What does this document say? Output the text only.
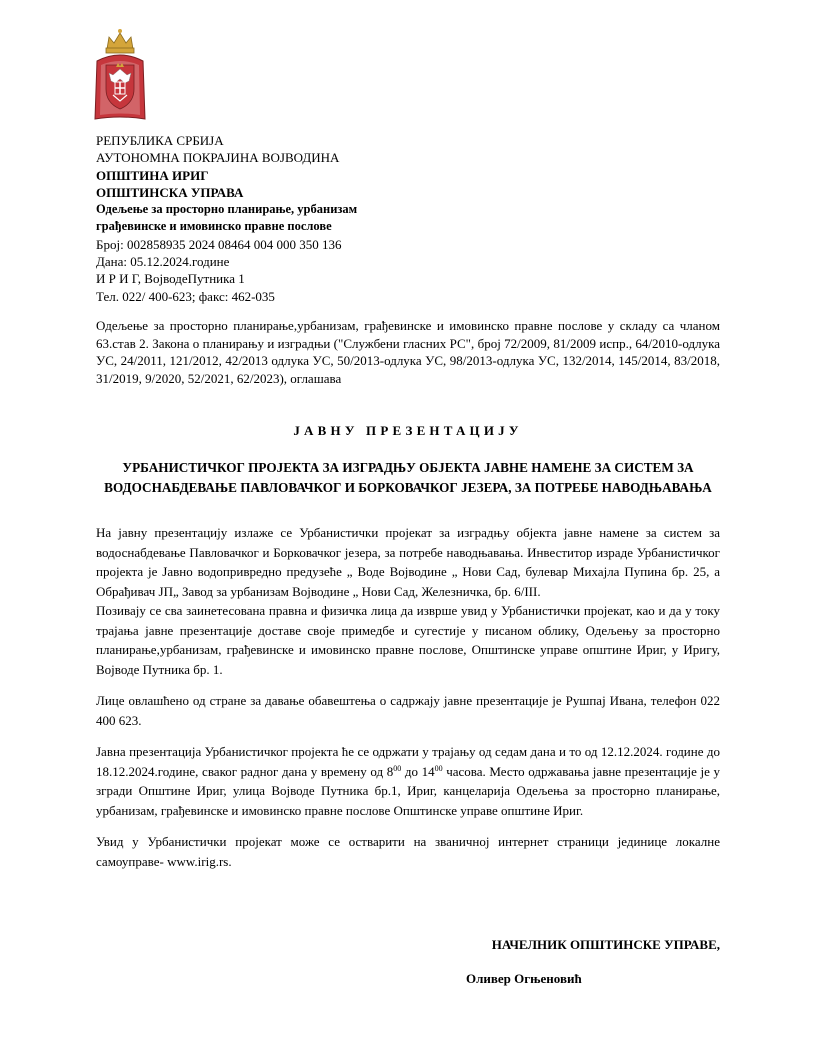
РЕПУБЛИКА СРБИЈА
АУТОНОМНА ПОКРАЈИНА ВОЈВОДИНА
ОПШТИНА ИРИГ
ОПШТИНСКА УПРАВА
Одељење за просторно планирање, урбанизам
грађевинске и имовинско правне послове
Број: 002858935 2024 08464 004 000 350 136
Дана: 05.12.2024.године
И Р И Г, ВојводеПутника 1
Тел. 022/ 400-623; факс: 462-035
Одељење за просторно планирање,урбанизам, грађевинске и имовинско правне послове у складу са чланом 63.став 2. Закона о планирању и изградњи ("Службени гласних РС", број 72/2009, 81/2009 испр., 64/2010-одлука УС, 24/2011, 121/2012, 42/2013 одлука УС, 50/2013-одлука УС, 98/2013-одлука УС, 132/2014, 145/2014, 83/2018, 31/2019, 9/2020, 52/2021, 62/2023), оглашава
ЈАВНУ ПРЕЗЕНТАЦИЈУ
УРБАНИСТИЧКОГ ПРОЈЕКТА ЗА ИЗГРАДЊУ ОБЈЕКТА ЈАВНЕ НАМЕНЕ ЗА СИСТЕМ ЗА ВОДОСНАБДЕВАЊЕ ПАВЛОВАЧКОГ И БОРКОВАЧКОГ ЈЕЗЕРА, ЗА ПОТРЕБЕ НАВОДЊАВАЊА

На јавну презентацију излаже се Урбанистички пројекат за изградњу објекта јавне намене за систем за водоснабдевање Павловачког и Борковачког језера, за потребе наводњавања. Инвеститор израде Урбанистичког пројекта је Јавно водопривредно предузеће „ Воде Војводине „ Нови Сад, булевар Михајла Пупина бр. 25, а Обрађивач ЈП„ Завод за урбанизам Војводине „ Нови Сад, Железничка, бр. 6/III.

Позивају се сва заинетесована правна и физичка лица да изврше увид у Урбанистички пројекат, као и да у току трајања јавне презентације доставе своје примедбе и сугестије у писаном облику, Одељењу за просторно планирање,урбанизам, грађевинске и имовинско правне послове, Општинске управе општине Ириг, у Иригу, Војводе Путника бр. 1.

Лице овлашћено од стране за давање обавештења о садржају јавне презентације је Рушпај Ивана, телефон 022 400 623.

Јавна презентација Урбанистичког пројекта ће се одржати у трајању од седам дана и то од 12.12.2024. године до 18.12.2024.године, сваког радног дана у времену од $8^{00}$ до $14^{00}$ часова. Место одржавања јавне презентације је у згради Општине Ириг, улица Војводе Путника бр.1, Ириг, канцеларија Одељења за просторно планирање, урбанизам, грађевинске и имовинско правне послове Општинске управе општине Ириг.

Увид у Урбанистички пројекат може се остварити на званичној интернет страници јединице локалне самоуправе- www.irig.rs.

НАЧЕЛНИК ОПШТИНСКЕ УПРАВЕ,
Оливер Огњеновић
